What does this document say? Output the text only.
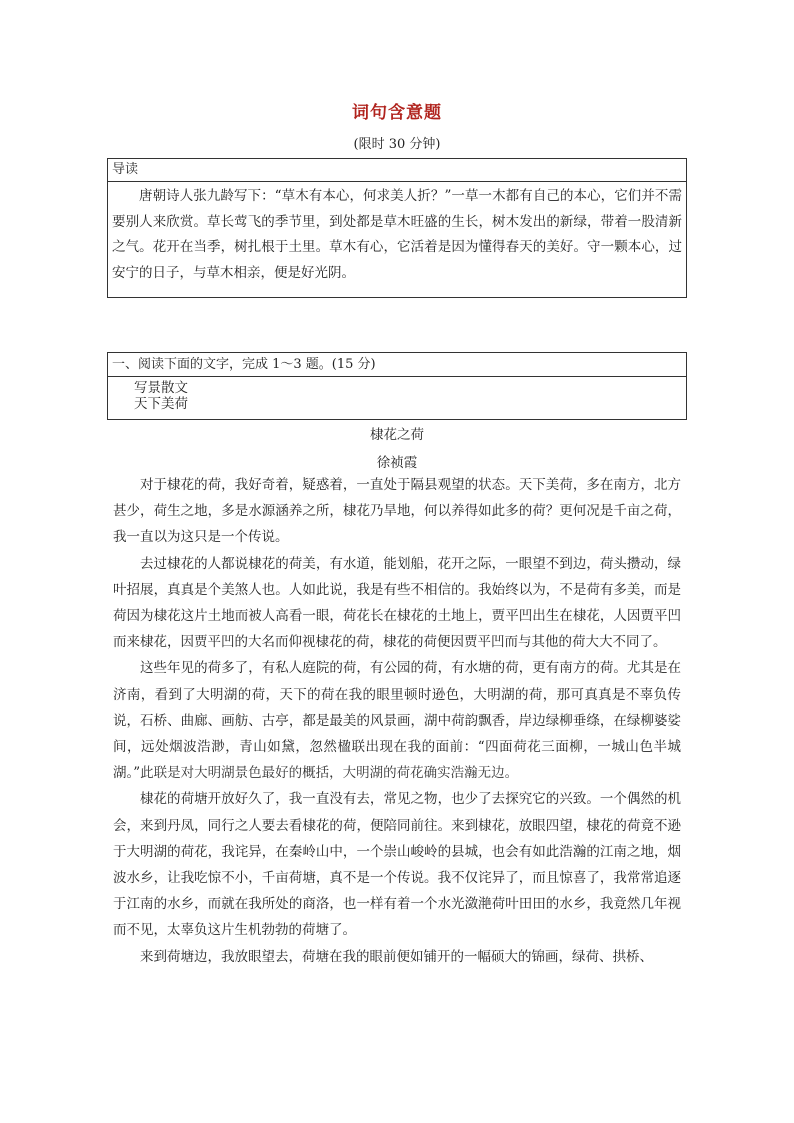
词句含意题
(限时 30 分钟)
导读
唐朝诗人张九龄写下：“草木有本心，何求美人折？”一草一木都有自己的本心，它们并不需要别人来欣赏。草长莺飞的季节里，到处都是草木旺盛的生长，树木发出的新绿，带着一股清新之气。花开在当季，树扎根于土里。草木有心，它活着是因为懂得春天的美好。守一颗本心，过安宁的日子，与草木相亲，便是好光阴。
一、阅读下面的文字，完成 1～3 题。(15 分)
写景散文
天下美荷
棣花之荷
徐祯霞

对于棣花的荷，我好奇着，疑惑着，一直处于隔县观望的状态。天下美荷，多在南方，北方甚少，荷生之地，多是水源涵养之所，棣花乃旱地，何以养得如此多的荷？更何况是千亩之荷，我一直以为这只是一个传说。

去过棣花的人都说棣花的荷美，有水道，能划船，花开之际，一眼望不到边，荷头攒动，绿叶招展，真真是个美煞人也。人如此说，我是有些不相信的。我始终以为，不是荷有多美，而是荷因为棣花这片土地而被人高看一眼，荷花长在棣花的土地上，贾平凹出生在棣花，人因贾平凹而来棣花，因贾平凹的大名而仰视棣花的荷，棣花的荷便因贾平凹而与其他的荷大大不同了。

这些年见的荷多了，有私人庭院的荷，有公园的荷，有水塘的荷，更有南方的荷。尤其是在济南，看到了大明湖的荷，天下的荷在我的眼里顿时逊色，大明湖的荷，那可真真是不辜负传说，石桥、曲廊、画舫、古亭，都是最美的风景画，湖中荷韵飘香，岸边绿柳垂绦，在绿柳婆娑间，远处烟波浩渺，青山如黛，忽然楹联出现在我的面前：“四面荷花三面柳，一城山色半城湖。”此联是对大明湖景色最好的概括，大明湖的荷花确实浩瀚无边。

棣花的荷塘开放好久了，我一直没有去，常见之物，也少了去探究它的兴致。一个偶然的机会，来到丹凤，同行之人要去看棣花的荷，便陪同前往。来到棣花，放眼四望，棣花的荷竟不逊于大明湖的荷花，我诧异，在秦岭山中，一个崇山峻岭的县城，也会有如此浩瀚的江南之地，烟波水乡，让我吃惊不小，千亩荷塘，真不是一个传说。我不仅诧异了，而且惊喜了，我常常追逐于江南的水乡，而就在我所处的商洛，也一样有着一个水光潋滟荷叶田田的水乡，我竟然几年视而不见，太辜负这片生机勃勃的荷塘了。

来到荷塘边，我放眼望去，荷塘在我的眼前便如铺开的一幅硕大的锦画，绿荷、拱桥、
